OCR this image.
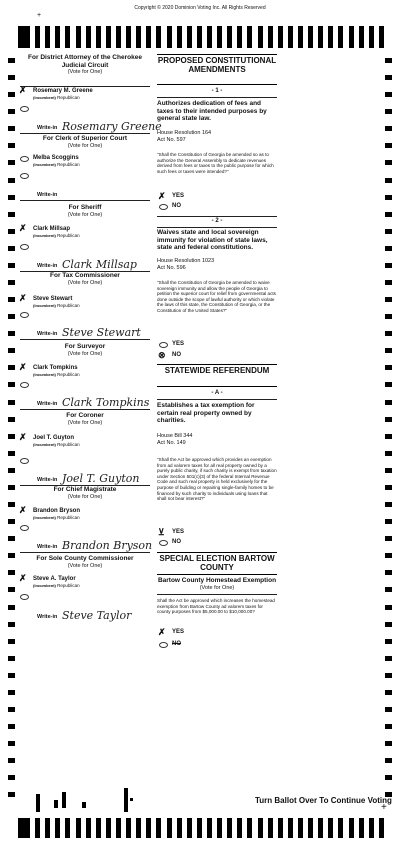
Copyright © 2020 Dominion Voting Inc. All Rights Reserved
+
For District Attorney of the Cherokee Judicial Circuit
(Vote for One)
✗ Rosemary M. Greene
(Incumbent) Republican
Write-in Rosemary Greene
For Clerk of Superior Court
(Vote for One)
Melba Scoggins
(Incumbent) Republican
Write-in
For Sheriff
(Vote for One)
✗ Clark Millsap
(Incumbent) Republican
Write-in Clark Millsap
For Tax Commissioner
(Vote for One)
✗ Steve Stewart
(Incumbent) Republican
Write-in Steve Stewart
For Surveyor
(Vote for One)
✗ Clark Tompkins
(Incumbent) Republican
Write-in Clark Tompkins
For Coroner
(Vote for One)
✗ Joel T. Guyton
(Incumbent) Republican
Write-in Joel T. Guyton
For Chief Magistrate
(Vote for One)
✗ Brandon Bryson
(Incumbent) Republican
Write-in Brandon Bryson
For Sole County Commissioner
(Vote for One)
✗ Steve A. Taylor
(Incumbent) Republican
Write-in Steve Taylor
PROPOSED CONSTITUTIONAL AMENDMENTS
- 1 -
Authorizes dedication of fees and taxes to their intended purposes by general state law.
House Resolution 164
Act No. 597
"Shall the Constitution of Georgia be amended so as to authorize the General Assembly to dedicate revenues derived from fees or taxes to the public purpose for which such fees or taxes were intended?"
✗ YES
NO
- 2 -
Waives state and local sovereign immunity for violation of state laws, state and federal constitutions.
House Resolution 1023
Act No. 596
"Shall the Constitution of Georgia be amended to waive sovereign immunity and allow the people of Georgia to petition the superior court for relief from governmental acts done outside the scope of lawful authority or which violate the laws of this state, the Constitution of Georgia, or the Constitution of the United States?"
YES
⊗ NO
STATEWIDE REFERENDUM
- A -
Establishes a tax exemption for certain real property owned by charities.
House Bill 344
Act No. 149
"Shall the Act be approved which provides an exemption from ad valorem taxes for all real property owned by a purely public charity, if such charity is exempt from taxation under Section 501(c)(3) of the federal Internal Revenue Code and such real property is held exclusively for the purpose of building or repairing single-family homes to be financed by such charity to individuals using loans that shall not bear interest?"
⊻ YES
NO
SPECIAL ELECTION BARTOW COUNTY
Bartow County Homestead Exemption
(Vote for One)
Shall the Act be approved which increases the homestead exemption from Bartow County ad valorem taxes for county purposes from $5,000.00 to $10,000.00?
✗ YES
NO
Turn Ballot Over To Continue Voting
+
